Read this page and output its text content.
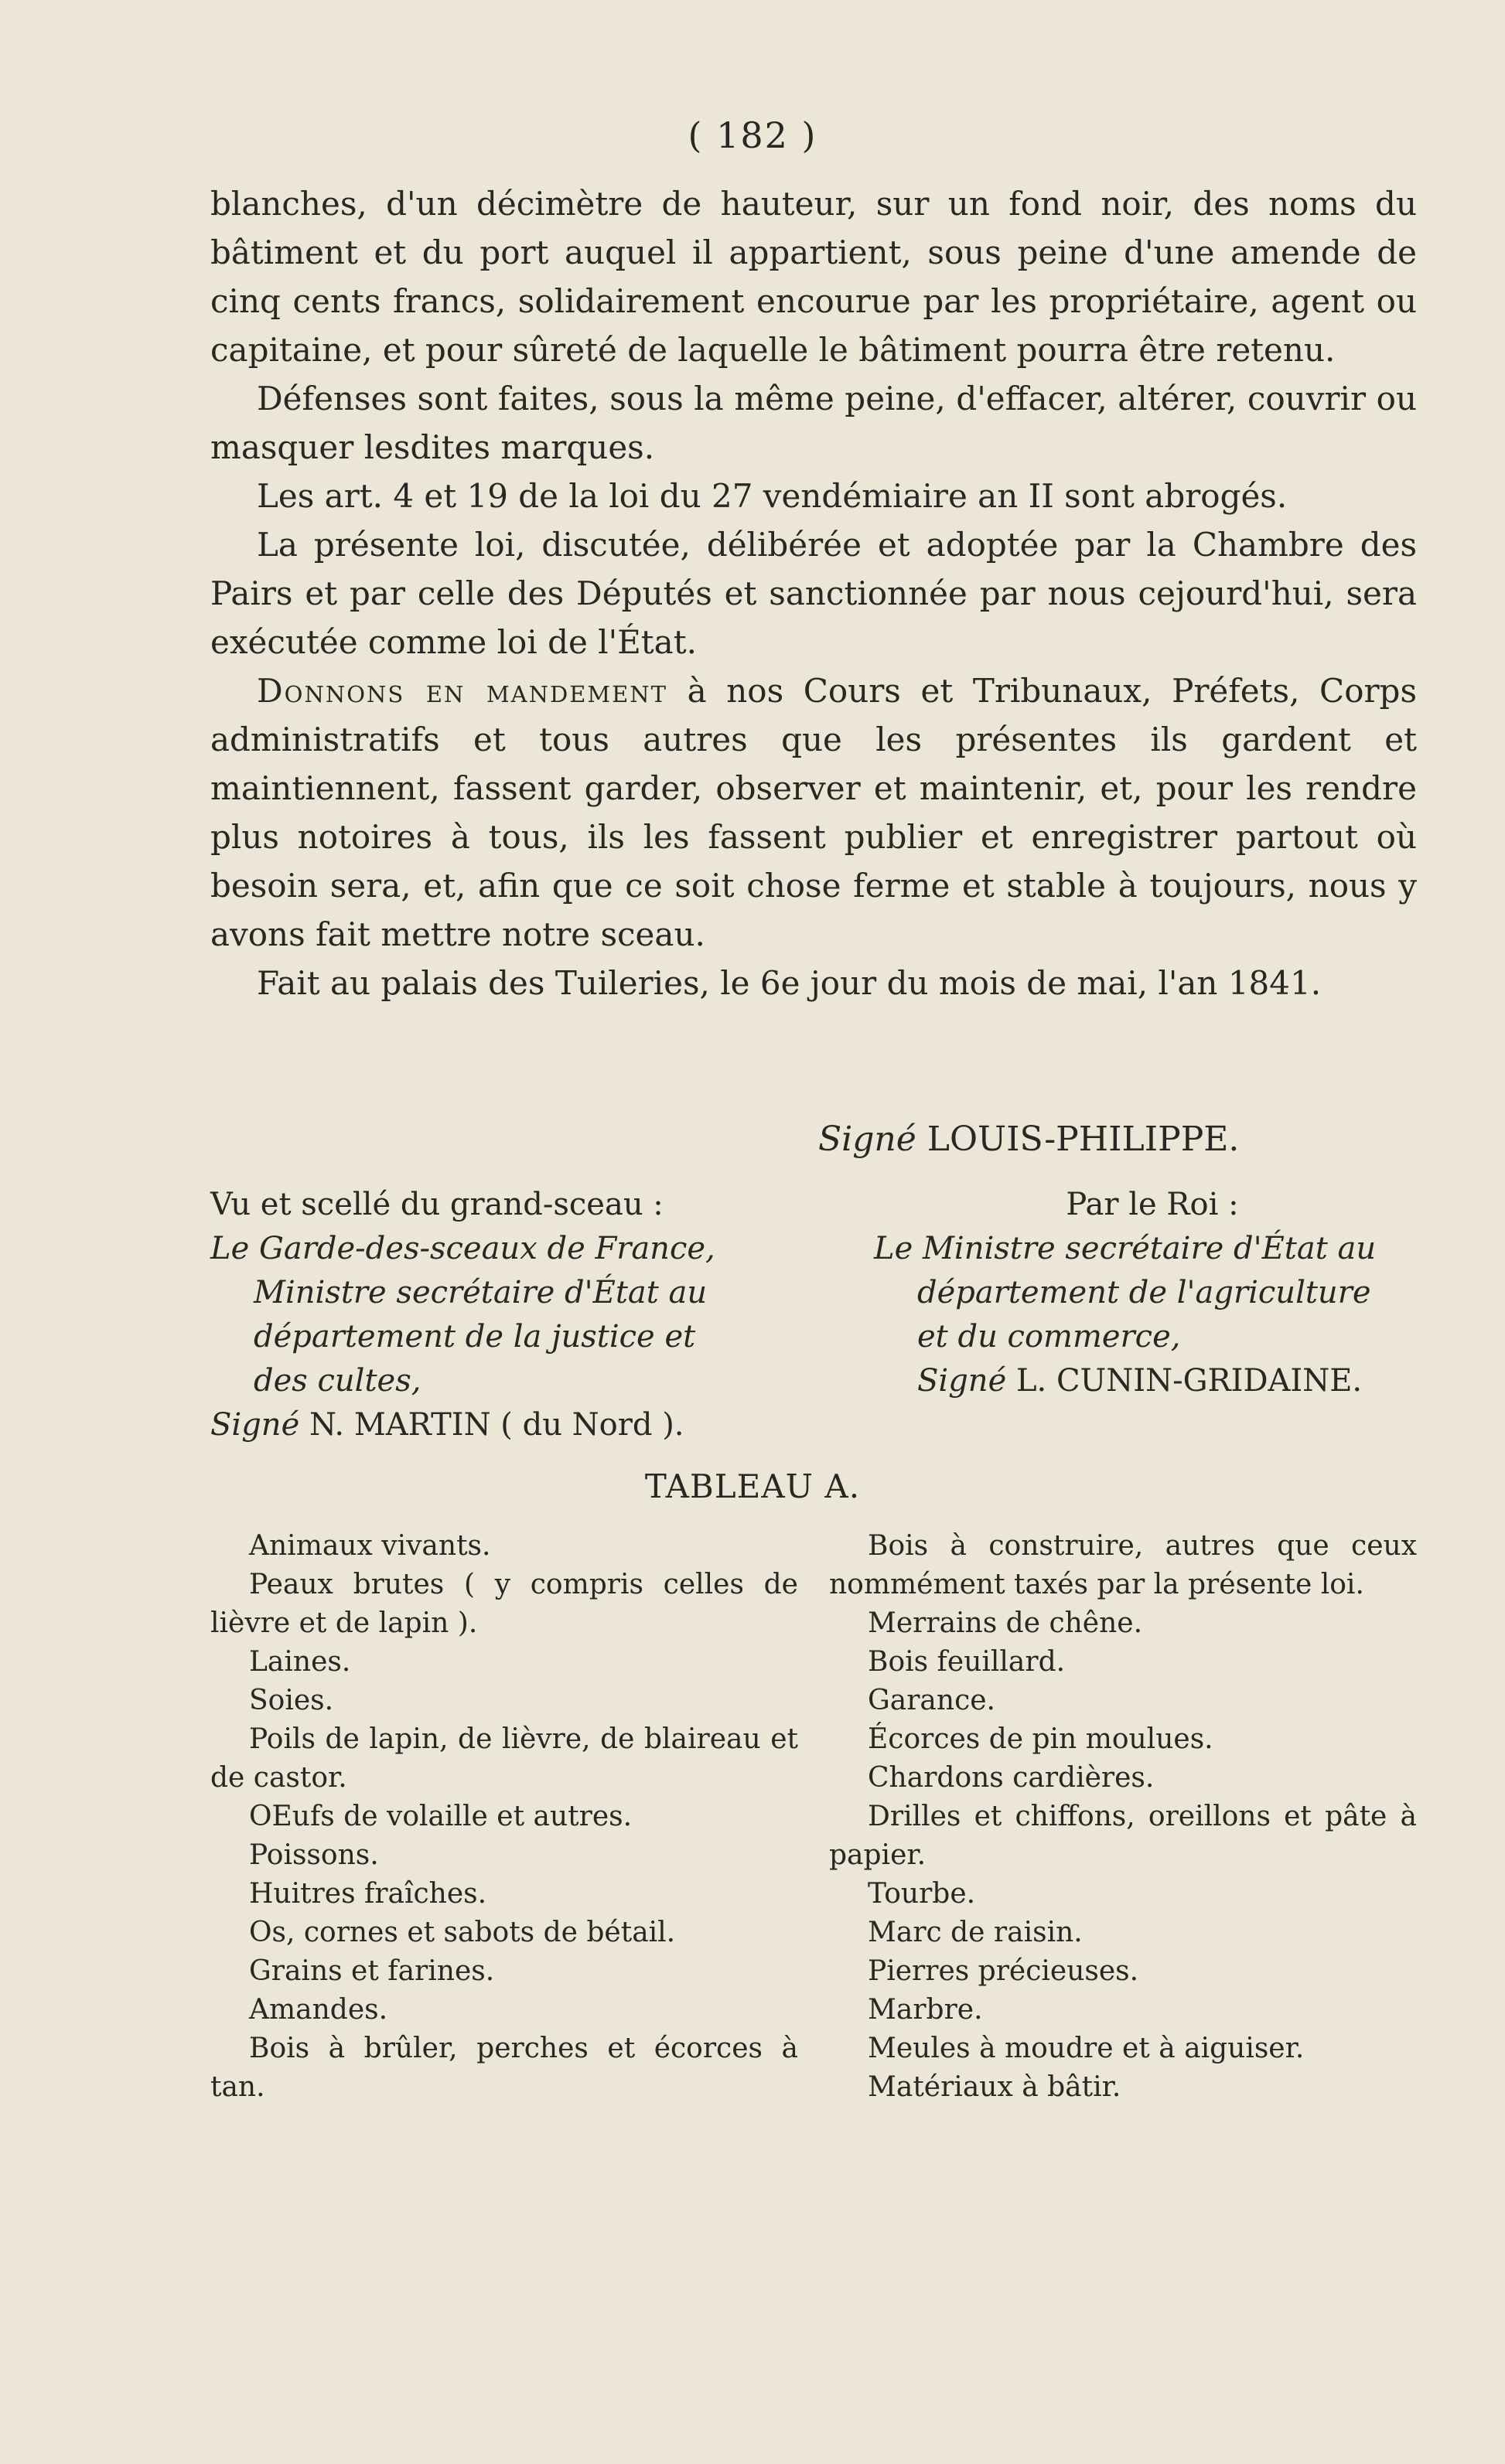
( 182 )

blanches, d'un décimètre de hauteur, sur un fond noir, des noms du bâtiment et du port auquel il appartient, sous peine d'une amende de cinq cents francs, solidairement encourue par les propriétaire, agent ou capitaine, et pour sûreté de laquelle le bâtiment pourra être retenu.

Défenses sont faites, sous la même peine, d'effacer, altérer, couvrir ou masquer lesdites marques.

Les art. 4 et 19 de la loi du 27 vendémiaire an II sont abrogés.

La présente loi, discutée, délibérée et adoptée par la Chambre des Pairs et par celle des Députés et sanctionnée par nous cejourd'hui, sera exécutée comme loi de l'État.

Donnons en mandement à nos Cours et Tribunaux, Préfets, Corps administratifs et tous autres que les présentes ils gardent et maintiennent, fassent garder, observer et maintenir, et, pour les rendre plus notoires à tous, ils les fassent publier et enregistrer partout où besoin sera, et, afin que ce soit chose ferme et stable à toujours, nous y avons fait mettre notre sceau.

Fait au palais des Tuileries, le 6e jour du mois de mai, l'an 1841.

Signé LOUIS-PHILIPPE.
Vu et scellé du grand-sceau :
Le Garde-des-sceaux de France,
Ministre secrétaire d'État au
département de la justice et
des cultes,
Signé N. MARTIN ( du Nord ).
Par le Roi :
Le Ministre secrétaire d'État au
département de l'agriculture
et du commerce,
Signé L. CUNIN-GRIDAINE.
TABLEAU A.
Animaux vivants.
Peaux brutes ( y compris celles de lièvre et de lapin ).
Laines.
Soies.
Poils de lapin, de lièvre, de blaireau et de castor.
OEufs de volaille et autres.
Poissons.
Huitres fraîches.
Os, cornes et sabots de bétail.
Grains et farines.
Amandes.
Bois à brûler, perches et écorces à tan.
Bois à construire, autres que ceux nommément taxés par la présente loi.
Merrains de chêne.
Bois feuillard.
Garance.
Écorces de pin moulues.
Chardons cardières.
Drilles et chiffons, oreillons et pâte à papier.
Tourbe.
Marc de raisin.
Pierres précieuses.
Marbre.
Meules à moudre et à aiguiser.
Matériaux à bâtir.
